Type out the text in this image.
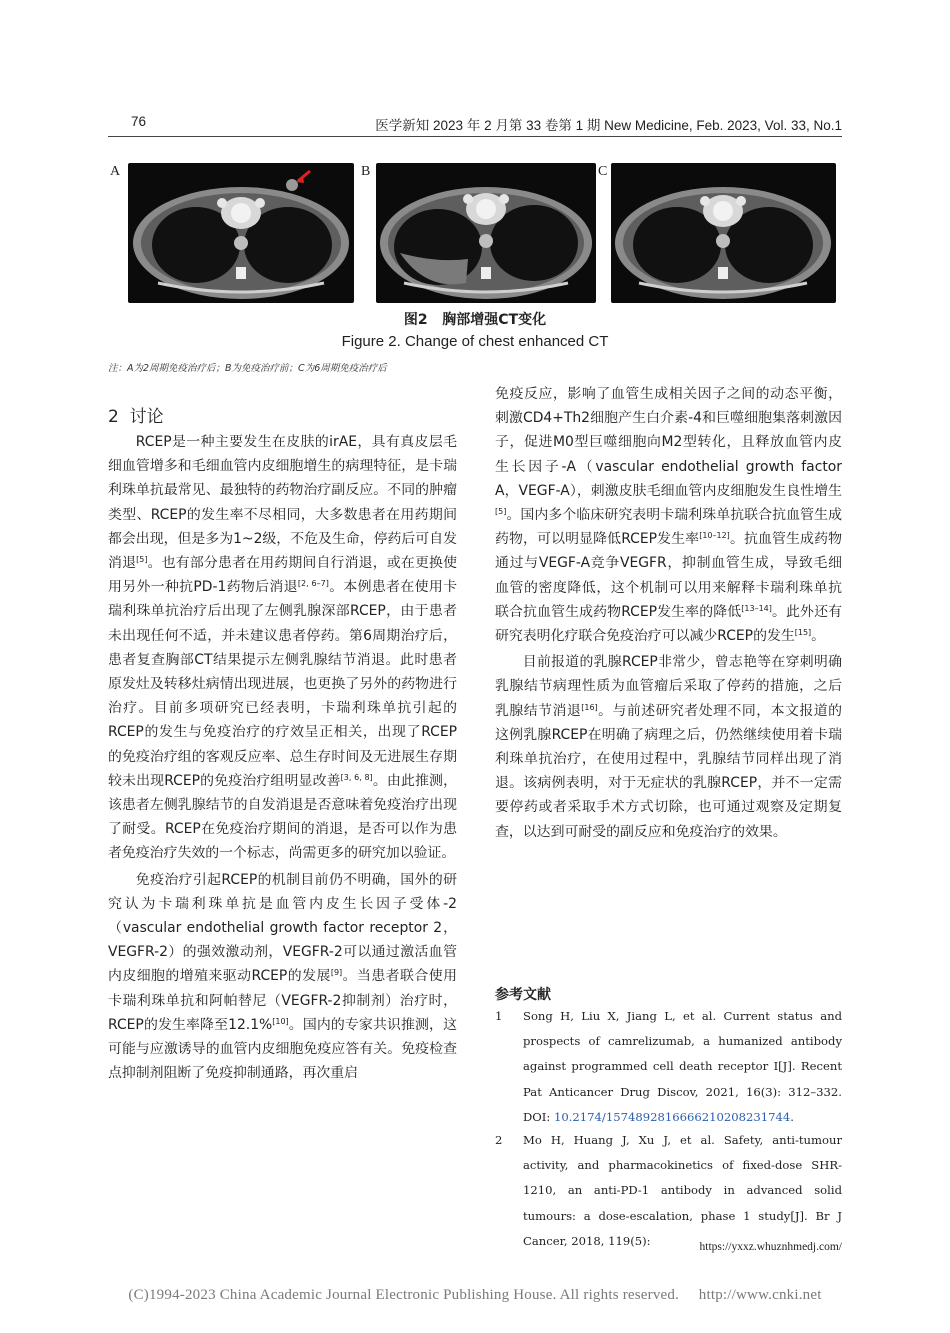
76	医学新知 2023 年 2 月第 33 卷第 1 期 New Medicine, Feb. 2023, Vol. 33, No.1
A	B	C
图2   胸部增强CT变化
Figure 2. Change of chest enhanced CT
注：A为2周期免疫治疗后；B为免疫治疗前；C为6周期免疫治疗后
2  讨论

RCEP是一种主要发生在皮肤的irAE，具有真皮层毛细血管增多和毛细血管内皮细胞增生的病理特征，是卡瑞利珠单抗最常见、最独特的药物治疗副反应。不同的肿瘤类型、RCEP的发生率不尽相同，大多数患者在用药期间都会出现，但是多为1~2级，不危及生命，停药后可自发消退[5]。也有部分患者在用药期间自行消退，或在更换使用另外一种抗PD-1药物后消退[2, 6–7]。本例患者在使用卡瑞利珠单抗治疗后出现了左侧乳腺深部RCEP，由于患者未出现任何不适，并未建议患者停药。第6周期治疗后，患者复查胸部CT结果提示左侧乳腺结节消退。此时患者原发灶及转移灶病情出现进展，也更换了另外的药物进行治疗。目前多项研究已经表明，卡瑞利珠单抗引起的RCEP的发生与免疫治疗的疗效呈正相关，出现了RCEP的免疫治疗组的客观反应率、总生存时间及无进展生存期较未出现RCEP的免疫治疗组明显改善[3, 6, 8]。由此推测，该患者左侧乳腺结节的自发消退是否意味着免疫治疗出现了耐受。RCEP在免疫治疗期间的消退，是否可以作为患者免疫治疗失效的一个标志，尚需更多的研究加以验证。

免疫治疗引起RCEP的机制目前仍不明确，国外的研究认为卡瑞利珠单抗是血管内皮生长因子受体-2（vascular endothelial growth factor receptor 2，VEGFR-2）的强效激动剂，VEGFR-2可以通过激活血管内皮细胞的增殖来驱动RCEP的发展[9]。当患者联合使用卡瑞利珠单抗和阿帕替尼（VEGFR-2抑制剂）治疗时，RCEP的发生率降至12.1%[10]。国内的专家共识推测，这可能与应激诱导的血管内皮细胞免疫应答有关。免疫检查点抑制剂阻断了免疫抑制通路，再次重启

免疫反应，影响了血管生成相关因子之间的动态平衡，刺激CD4+Th2细胞产生白介素-4和巨噬细胞集落刺激因子，促进M0型巨噬细胞向M2型转化，且释放血管内皮生长因子-A（vascular endothelial growth factor A，VEGF-A），刺激皮肤毛细血管内皮细胞发生良性增生[5]。国内多个临床研究表明卡瑞利珠单抗联合抗血管生成药物，可以明显降低RCEP发生率[10–12]。抗血管生成药物通过与VEGF-A竞争VEGFR，抑制血管生成，导致毛细血管的密度降低，这个机制可以用来解释卡瑞利珠单抗联合抗血管生成药物RCEP发生率的降低[13–14]。此外还有研究表明化疗联合免疫治疗可以减少RCEP的发生[15]。

目前报道的乳腺RCEP非常少，曾志艳等在穿刺明确乳腺结节病理性质为血管瘤后采取了停药的措施，之后乳腺结节消退[16]。与前述研究者处理不同，本文报道的这例乳腺RCEP在明确了病理之后，仍然继续使用着卡瑞利珠单抗治疗，在使用过程中，乳腺结节同样出现了消退。该病例表明，对于无症状的乳腺RCEP，并不一定需要停药或者采取手术方式切除，也可通过观察及定期复查，以达到可耐受的副反应和免疫治疗的效果。

参考文献
1 Song H, Liu X, Jiang L, et al. Current status and prospects of camrelizumab, a humanized antibody against programmed cell death receptor I[J]. Recent Pat Anticancer Drug Discov, 2021, 16(3): 312–332. DOI: 10.2174/1574892816666210208231744.
2 Mo H, Huang J, Xu J, et al. Safety, anti-tumour activity, and pharmacokinetics of fixed-dose SHR-1210, an anti-PD-1 antibody in advanced solid tumours: a dose-escalation, phase 1 study[J]. Br J Cancer, 2018, 119(5):	https://yxxz.whuznhmedj.com/
(C)1994-2023 China Academic Journal Electronic Publishing House. All rights reserved.     http://www.cnki.net
